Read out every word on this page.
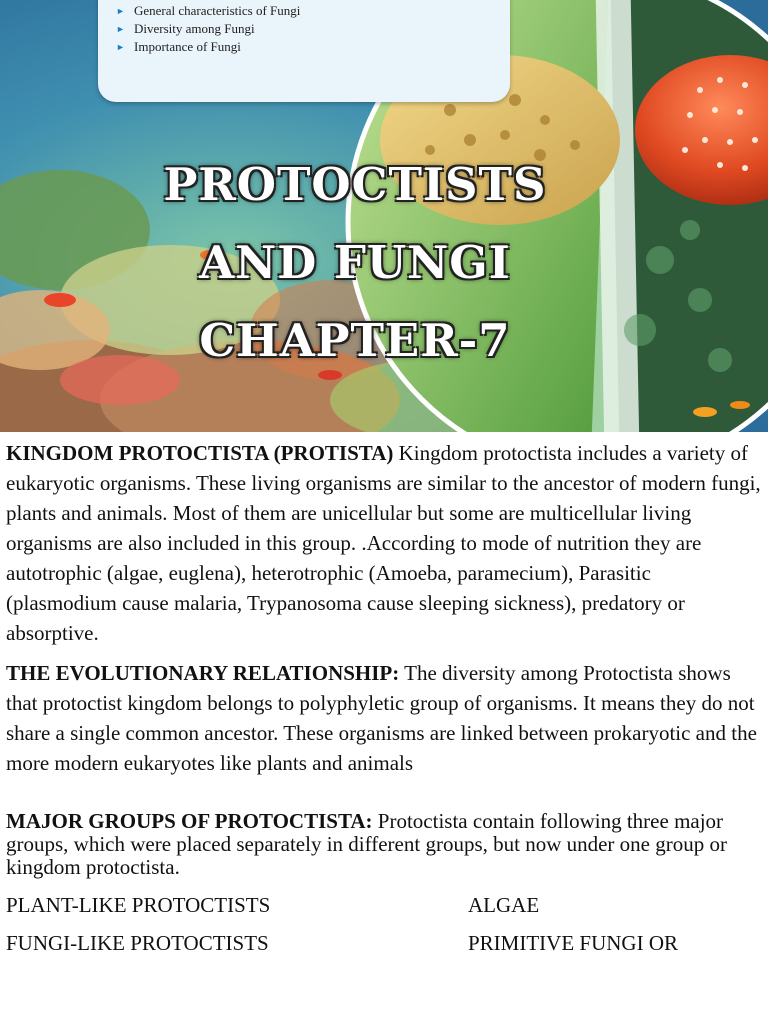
► General characteristics of Fungi
► Diversity among Fungi
► Importance of Fungi
PROTOCTISTS
AND FUNGI
CHAPTER-7

KINGDOM PROTOCTISTA (PROTISTA) Kingdom protoctista includes a variety of eukaryotic organisms. These living organisms are similar to the ancestor of modern fungi, plants and animals. Most of them are unicellular but some are multicellular living organisms are also included in this group. .According to mode of nutrition they are autotrophic (algae, euglena), heterotrophic (Amoeba, paramecium), Parasitic (plasmodium cause malaria, Trypanosoma cause sleeping sickness), predatory or absorptive.

THE EVOLUTIONARY RELATIONSHIP: The diversity among Protoctista shows that protoctist kingdom belongs to polyphyletic group of organisms. It means they do not share a single common ancestor. These organisms are linked between prokaryotic and the more modern eukaryotes like plants and animals

MAJOR GROUPS OF PROTOCTISTA: Protoctista contain following three major groups, which were placed separately in different groups, but now under one group or kingdom protoctista.

PLANT-LIKE PROTOCTISTS	ALGAE
FUNGI-LIKE PROTOCTISTS	PRIMITIVE FUNGI OR
